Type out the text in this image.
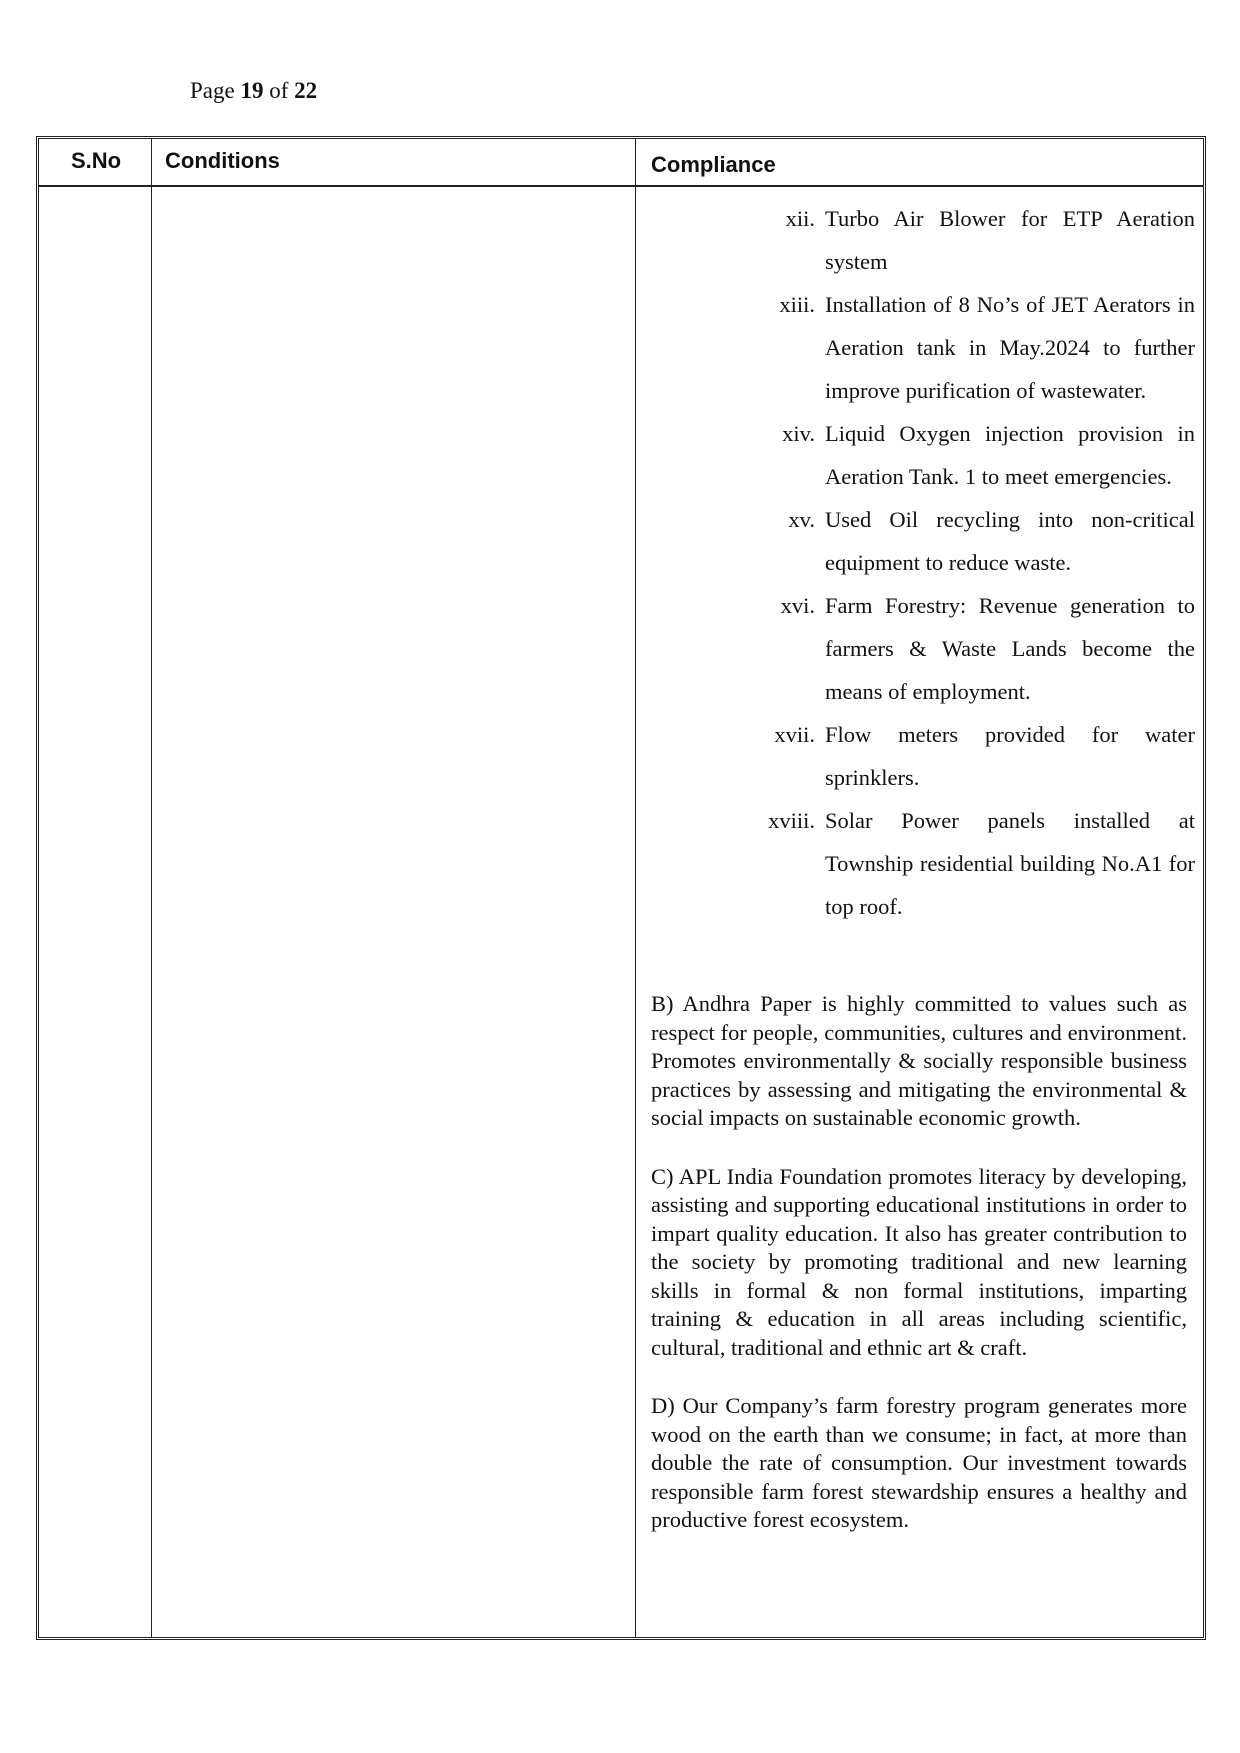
Page 19 of 22
S.No Conditions	Compliance
xii. Turbo Air Blower for ETP Aeration system
xiii. Installation of 8 No’s of JET Aerators in Aeration tank in May.2024 to further improve purification of wastewater.
xiv. Liquid Oxygen injection provision in Aeration Tank. 1 to meet emergencies.
xv. Used Oil recycling into non-critical equipment to reduce waste.
xvi. Farm Forestry: Revenue generation to farmers & Waste Lands become the means of employment.
xvii. Flow meters provided for water sprinklers.
xviii. Solar Power panels installed at Township residential building No.A1 for top roof.

B) Andhra Paper is highly committed to values such as respect for people, communities, cultures and environment. Promotes environmentally & socially responsible business practices by assessing and mitigating the environmental & social impacts on sustainable economic growth.

C) APL India Foundation promotes literacy by developing, assisting and supporting educational institutions in order to impart quality education. It also has greater contribution to the society by promoting traditional and new learning skills in formal & non formal institutions, imparting training & education in all areas including scientific, cultural, traditional and ethnic art & craft.

D) Our Company’s farm forestry program generates more wood on the earth than we consume; in fact, at more than double the rate of consumption. Our investment towards responsible farm forest stewardship ensures a healthy and productive forest ecosystem.
